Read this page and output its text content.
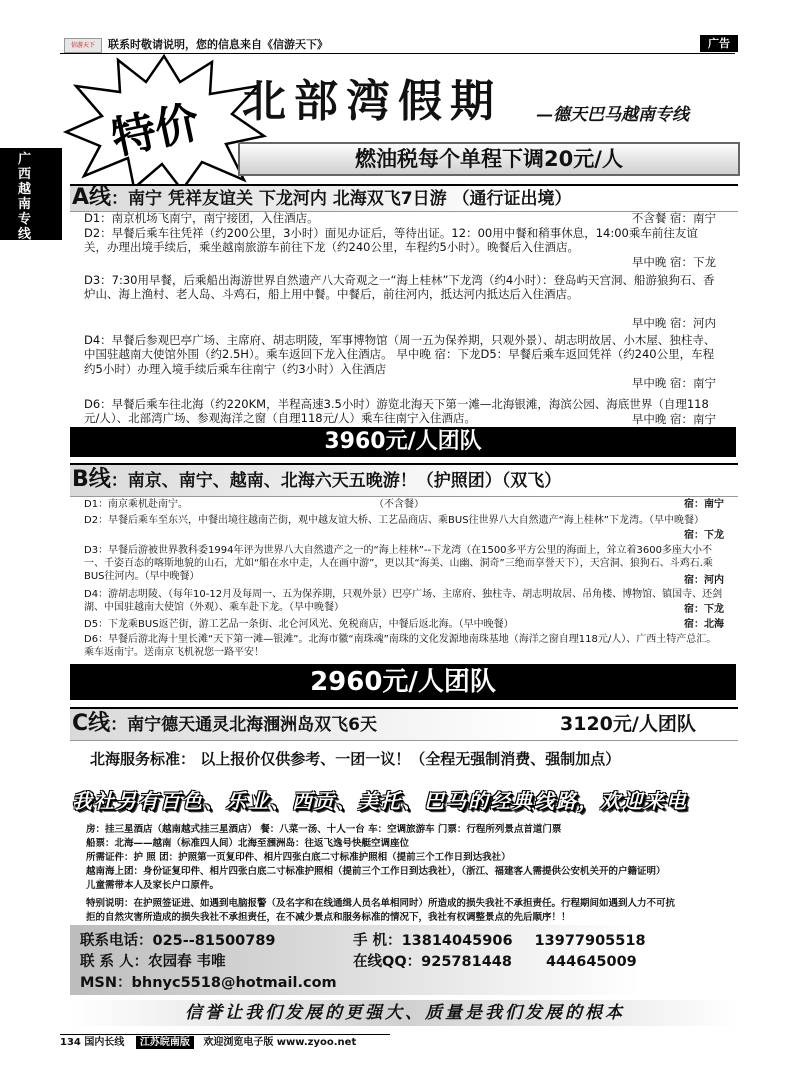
信游天下	联系时敬请说明，您的信息来自《信游天下》	广告
广西越南专线
特价 北部湾假期 —德天巴马越南专线
燃油税每个单程下调20元/人
A线：南宁 凭祥友谊关 下龙河内 北海双飞7日游 （通行证出境）
D1：南京机场飞南宁，南宁接团，入住酒店。	不含餐 宿：南宁
D2：早餐后乘车往凭祥（约200公里，3小时）面见办证后，等待出证。12：00用中餐和稍事休息，14:00乘车前往友谊关，办理出境手续后，乘坐越南旅游车前往下龙（约240公里，车程约5小时）。晚餐后入住酒店。
早中晚 宿：下龙
D3：7:30用早餐，后乘船出海游世界自然遗产八大奇观之一“海上桂林”下龙湾（约4小时）：登岛屿天宫洞、船游狼狗石、香炉山、海上渔村、老人岛、斗鸡石，船上用中餐。中餐后，前往河内，抵达河内抵达后入住酒店。
早中晚 宿：河内
D4：早餐后参观巴亭广场、主席府、胡志明陵，军事博物馆（周一五为保养期，只观外景）、胡志明故居、小木屋、独柱寺、中国驻越南大使馆外围（约2.5H）。乘车返回下龙入住酒店。 早中晚 宿：下龙D5：早餐后乘车返回凭祥（约240公里，车程约5小时）办理入境手续后乘车往南宁（约3小时）入住酒店
早中晚 宿：南宁
D6：早餐后乘车往北海（约220KM，半程高速3.5小时）游览北海天下第一滩—北海银滩，海滨公园、海底世界（自理118元/人）、北部湾广场、参观海洋之窗（自理118元/人）乘车往南宁入住酒店。	早中晚 宿：南宁
3960元/人团队
B线：南京、南宁、越南、北海六天五晚游！（护照团）（双飞）
D1：南京乘机赴南宁。	（不含餐）	宿：南宁
D2：早餐后乘车至东兴，中餐出境往越南芒街，观中越友谊大桥、工艺品商店、乘BUS往世界八大自然遗产“海上桂林”下龙湾。（早中晚餐）
宿：下龙
D3：早餐后游被世界教科委1994年评为世界八大自然遗产之一的“海上桂林”--下龙湾（在1500多平方公里的海面上，耸立着3600多座大小不一、千姿百态的喀斯地貌的山石，尤如“船在水中走，人在画中游”，更以其“海美、山幽、洞奇”三绝而享誉天下），天宫洞、狼狗石、斗鸡石.乘BUS往河内。（早中晚餐）	宿：河内
D4：游胡志明陵、（每年10-12月及每周一、五为保养期，只观外景）巴亭广场、主席府、独柱寺、胡志明故居、吊角楼、博物馆、镇国寺、还剑湖、中国驻越南大使馆（外观）、乘车赴下龙。（早中晚餐）	宿：下龙
D5：下龙乘BUS返芒街，游工艺品一条街、北仑河风光、免税商店，中餐后返北海。（早中晚餐）	宿：北海
D6：早餐后游北海十里长滩“天下第一滩—银滩”。北海市徽“南珠魂”南珠的文化发源地南珠基地（海洋之窗自理118元/人）、广西土特产总汇。乘车返南宁。送南京飞机祝您一路平安！
2960元/人团队
C线：南宁德天通灵北海涠洲岛双飞6天	3120元/人团队
北海服务标准： 以上报价仅供参考、一团一议！（全程无强制消费、强制加点）
我社另有百色、乐业、西贡、美托、巴马的经典线路，欢迎来电
房：挂三星酒店（越南越式挂三星酒店） 餐：八菜一汤、十人一台 车：空调旅游车 门票：行程所列景点首道门票
船票：北海——越南（标准四人间）北海至涠洲岛：往返飞逸号快艇空调座位
所需证件：护 照 团：护照第一页复印件、相片四张白底二寸标准护照相（提前三个工作日到达我社）
越南海上团：身份证复印件、相片四张白底二寸标准护照相（提前三个工作日到达我社），（浙江、福建客人需提供公安机关开的户籍证明）
儿童需带本人及家长户口原件。
特别说明：在护照签证进、如遇到电脑报警（及名字和在线通缉人员名单相同时）所造成的损失我社不承担责任。行程期间如遇到人力不可抗
拒的自然灾害所造成的损失我社不承担责任，在不减少景点和服务标准的情况下，我社有权调整景点的先后顺序！！
联系电话：025--81500789	手 机：13814045906 13977905518
联 系 人：农园春 韦唯	在线QQ：925781448 444645009
MSN：bhnyc5518@hotmail.com
信誉让我们发展的更强大、质量是我们发展的根本
134 国内长线 江苏皖南版 欢迎浏览电子版 www.zyoo.net
